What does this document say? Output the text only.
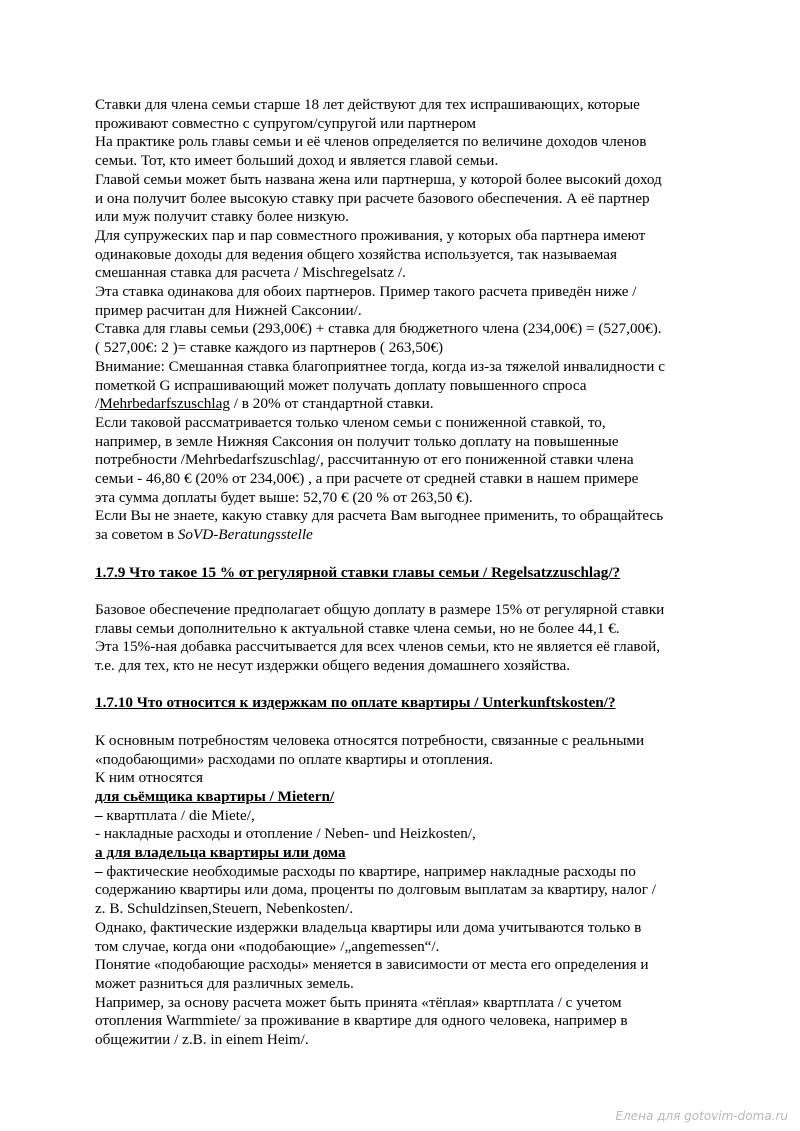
Ставки для члена семьи старше 18 лет действуют для тех испрашивающих, которые
проживают совместно с супругом/супругой или партнером
На практике роль главы семьи и её членов определяется по величине доходов членов
семьи. Тот, кто имеет больший доход и является главой семьи.
Главой семьи может быть названа жена или партнерша, у которой более высокий доход
и она получит более высокую ставку при расчете базового обеспечения. А её партнер
или муж получит ставку более низкую.
Для супружеских пар и пар совместного проживания, у которых оба партнера имеют
одинаковые доходы для ведения общего хозяйства используется, так называемая
смешанная ставка для расчета / Mischregelsatz /.
Эта ставка одинакова для обоих партнеров. Пример такого расчета приведён ниже /
пример расчитан для Нижней Саксонии/.
Ставка для главы семьи (293,00€) + ставка для бюджетного члена (234,00€) = (527,00€).
( 527,00€: 2 )= ставке каждого из партнеров ( 263,50€)
Внимание: Смешанная ставка благоприятнее тогда, когда из-за тяжелой инвалидности с
пометкой G испрашивающий может получать доплату повышенного спроса
/Mehrbedarfszuschlag / в 20% от стандартной ставки.
Если таковой рассматривается только членом семьи с пониженной ставкой, то,
например, в земле Нижняя Саксония он получит только доплату на повышенные
потребности /Mehrbedarfszuschlag/, рассчитанную от его пониженной ставки члена
семьи - 46,80 € (20% от 234,00€) , а при расчете от средней ставки в нашем примере
эта сумма доплаты будет выше: 52,70 € (20 % от 263,50 €).
Если Вы не знаете, какую ставку для расчета Вам выгоднее применить, то обращайтесь
за советом в SoVD-Beratungsstelle
1.7.9 Что такое 15 % от регулярной ставки главы семьи / Regelsatzzuschlag/?
Базовое обеспечение предполагает общую доплату в размере 15% от регулярной ставки
главы семьи дополнительно к актуальной ставке члена семьи, но не более 44,1 €.
Эта 15%-ная добавка рассчитывается для всех членов семьи, кто не является её главой,
т.е. для тех, кто не несут издержки общего ведения домашнего хозяйства.
1.7.10 Что относится к издержкам по оплате квартиры / Unterkunftskosten/?
К основным потребностям человека относятся потребности, связанные с реальными
«подобающими» расходами по оплате квартиры и отопления.
К ним относятся
для сьёмщика квартиры / Mietern/
– квартплата / die Miete/,
- накладные расходы и отопление / Neben- und Heizkosten/,
а для владельца квартиры или дома
– фактические необходимые расходы по квартире, например накладные расходы по
содержанию квартиры или дома, проценты по долговым выплатам за квартиру, налог /
z. B. Schuldzinsen,Steuern, Nebenkosten/.
Однако, фактические издержки владельца квартиры или дома учитываются только в
том случае, когда они «подобающие» /„angemessen“/.
Понятие «подобающие расходы» меняется в зависимости от места его определения и
может разниться для различных земель.
Например, за основу расчета может быть принята «тёплая» квартплата / с учетом
отопления Warmmiete/ за проживание в квартире для одного человека, например в
общежитии / z.B. in einem Heim/.
Елена для gotovim-doma.ru
